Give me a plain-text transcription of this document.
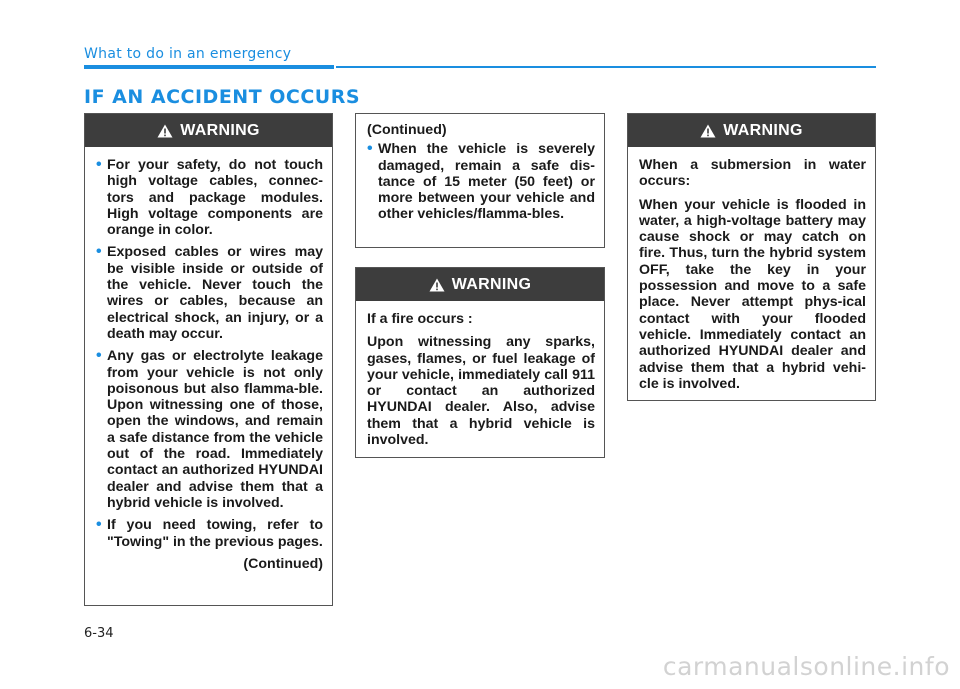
What to do in an emergency
IF AN ACCIDENT OCCURS
WARNING
• For your safety, do not touch high voltage cables, connec-tors and package modules. High voltage components are orange in color.
• Exposed cables or wires may be visible inside or outside of the vehicle. Never touch the wires or cables, because an electrical shock, an injury, or a death may occur.
• Any gas or electrolyte leakage from your vehicle is not only poisonous but also flamma-ble. Upon witnessing one of those, open the windows, and remain a safe distance from the vehicle out of the road. Immediately contact an authorized HYUNDAI dealer and advise them that a hybrid vehicle is involved.
• If you need towing, refer to "Towing" in the previous pages.
(Continued)

(Continued)

• When the vehicle is severely damaged, remain a safe dis-tance of 15 meter (50 feet) or more between your vehicle and other vehicles/flamma-bles.
WARNING

If a fire occurs :

Upon witnessing any sparks, gases, flames, or fuel leakage of your vehicle, immediately call 911 or contact an authorized HYUNDAI dealer. Also, advise them that a hybrid vehicle is involved.

WARNING

When a submersion in water occurs:

When your vehicle is flooded in water, a high-voltage battery may cause shock or may catch on fire. Thus, turn the hybrid system OFF, take the key in your possession and move to a safe place. Never attempt phys-ical contact with your flooded vehicle. Immediately contact an authorized HYUNDAI dealer and advise them that a hybrid vehi-cle is involved.

6-34
carmanualsonline.info
